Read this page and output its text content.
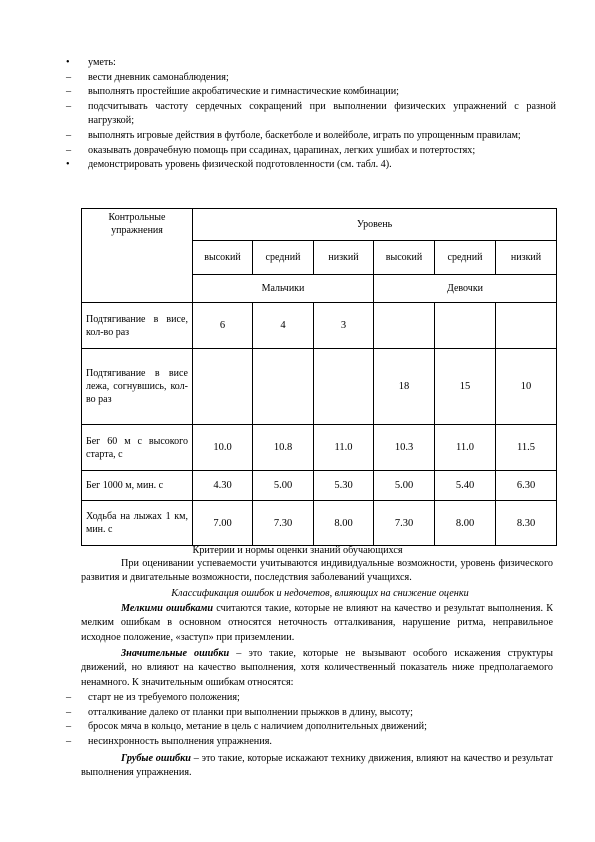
•	уметь:
–	вести дневник самонаблюдения;
–	выполнять простейшие акробатические и гимнастические комбинации;
–	подсчитывать частоту сердечных сокращений при выполнении физических упражнений с разной нагрузкой;
–	выполнять игровые действия в футболе, баскетболе и волейболе, играть по упрощенным правилам;
–	оказывать доврачебную помощь при ссадинах, царапинах, легких ушибах и потертостях;
•	демонстрировать уровень физической подготовленности (см. табл. 4).
Контрольные упражнения	Уровень					
	высокий	средний	низкий	высокий	средний	низкий
	Мальчики			Девочки		
Подтягивание в висе, кол-во раз	6	4	3			
Подтягивание в висе лежа, согнувшись, кол-во раз				18	15	10
Бег 60 м с высокого старта, с	10.0	10.8	11.0	10.3	11.0	11.5
Бег 1000 м, мин. с	4.30	5.00	5.30	5.00	5.40	6.30
Ходьба на лыжах 1 км, мин. с	7.00	7.30	8.00	7.30	8.00	8.30
Критерии и нормы оценки знаний обучающихся
При оценивании успеваемости учитываются индивидуальные возможности, уровень физического развития и двигательные возможности, последствия заболеваний учащихся.
Классификация ошибок и недочетов, влияющих на снижение оценки
Мелкими ошибками считаются такие, которые не влияют на качество и результат выполнения. К мелким ошибкам в основном относятся неточность отталкивания, нарушение ритма, неправильное исходное положение, «заступ» при приземлении.
Значительные ошибки – это такие, которые не вызывают особого искажения структуры движений, но влияют на качество выполнения, хотя количественный показатель ниже предполагаемого ненамного. К значительным ошибкам относятся:
– старт не из требуемого положения;
– отталкивание далеко от планки при выполнении прыжков в длину, высоту;
– бросок мяча в кольцо, метание в цель с наличием дополнительных движений;
– несинхронность выполнения упражнения.
Грубые ошибки – это такие, которые искажают технику движения, влияют на качество и результат выполнения упражнения.
